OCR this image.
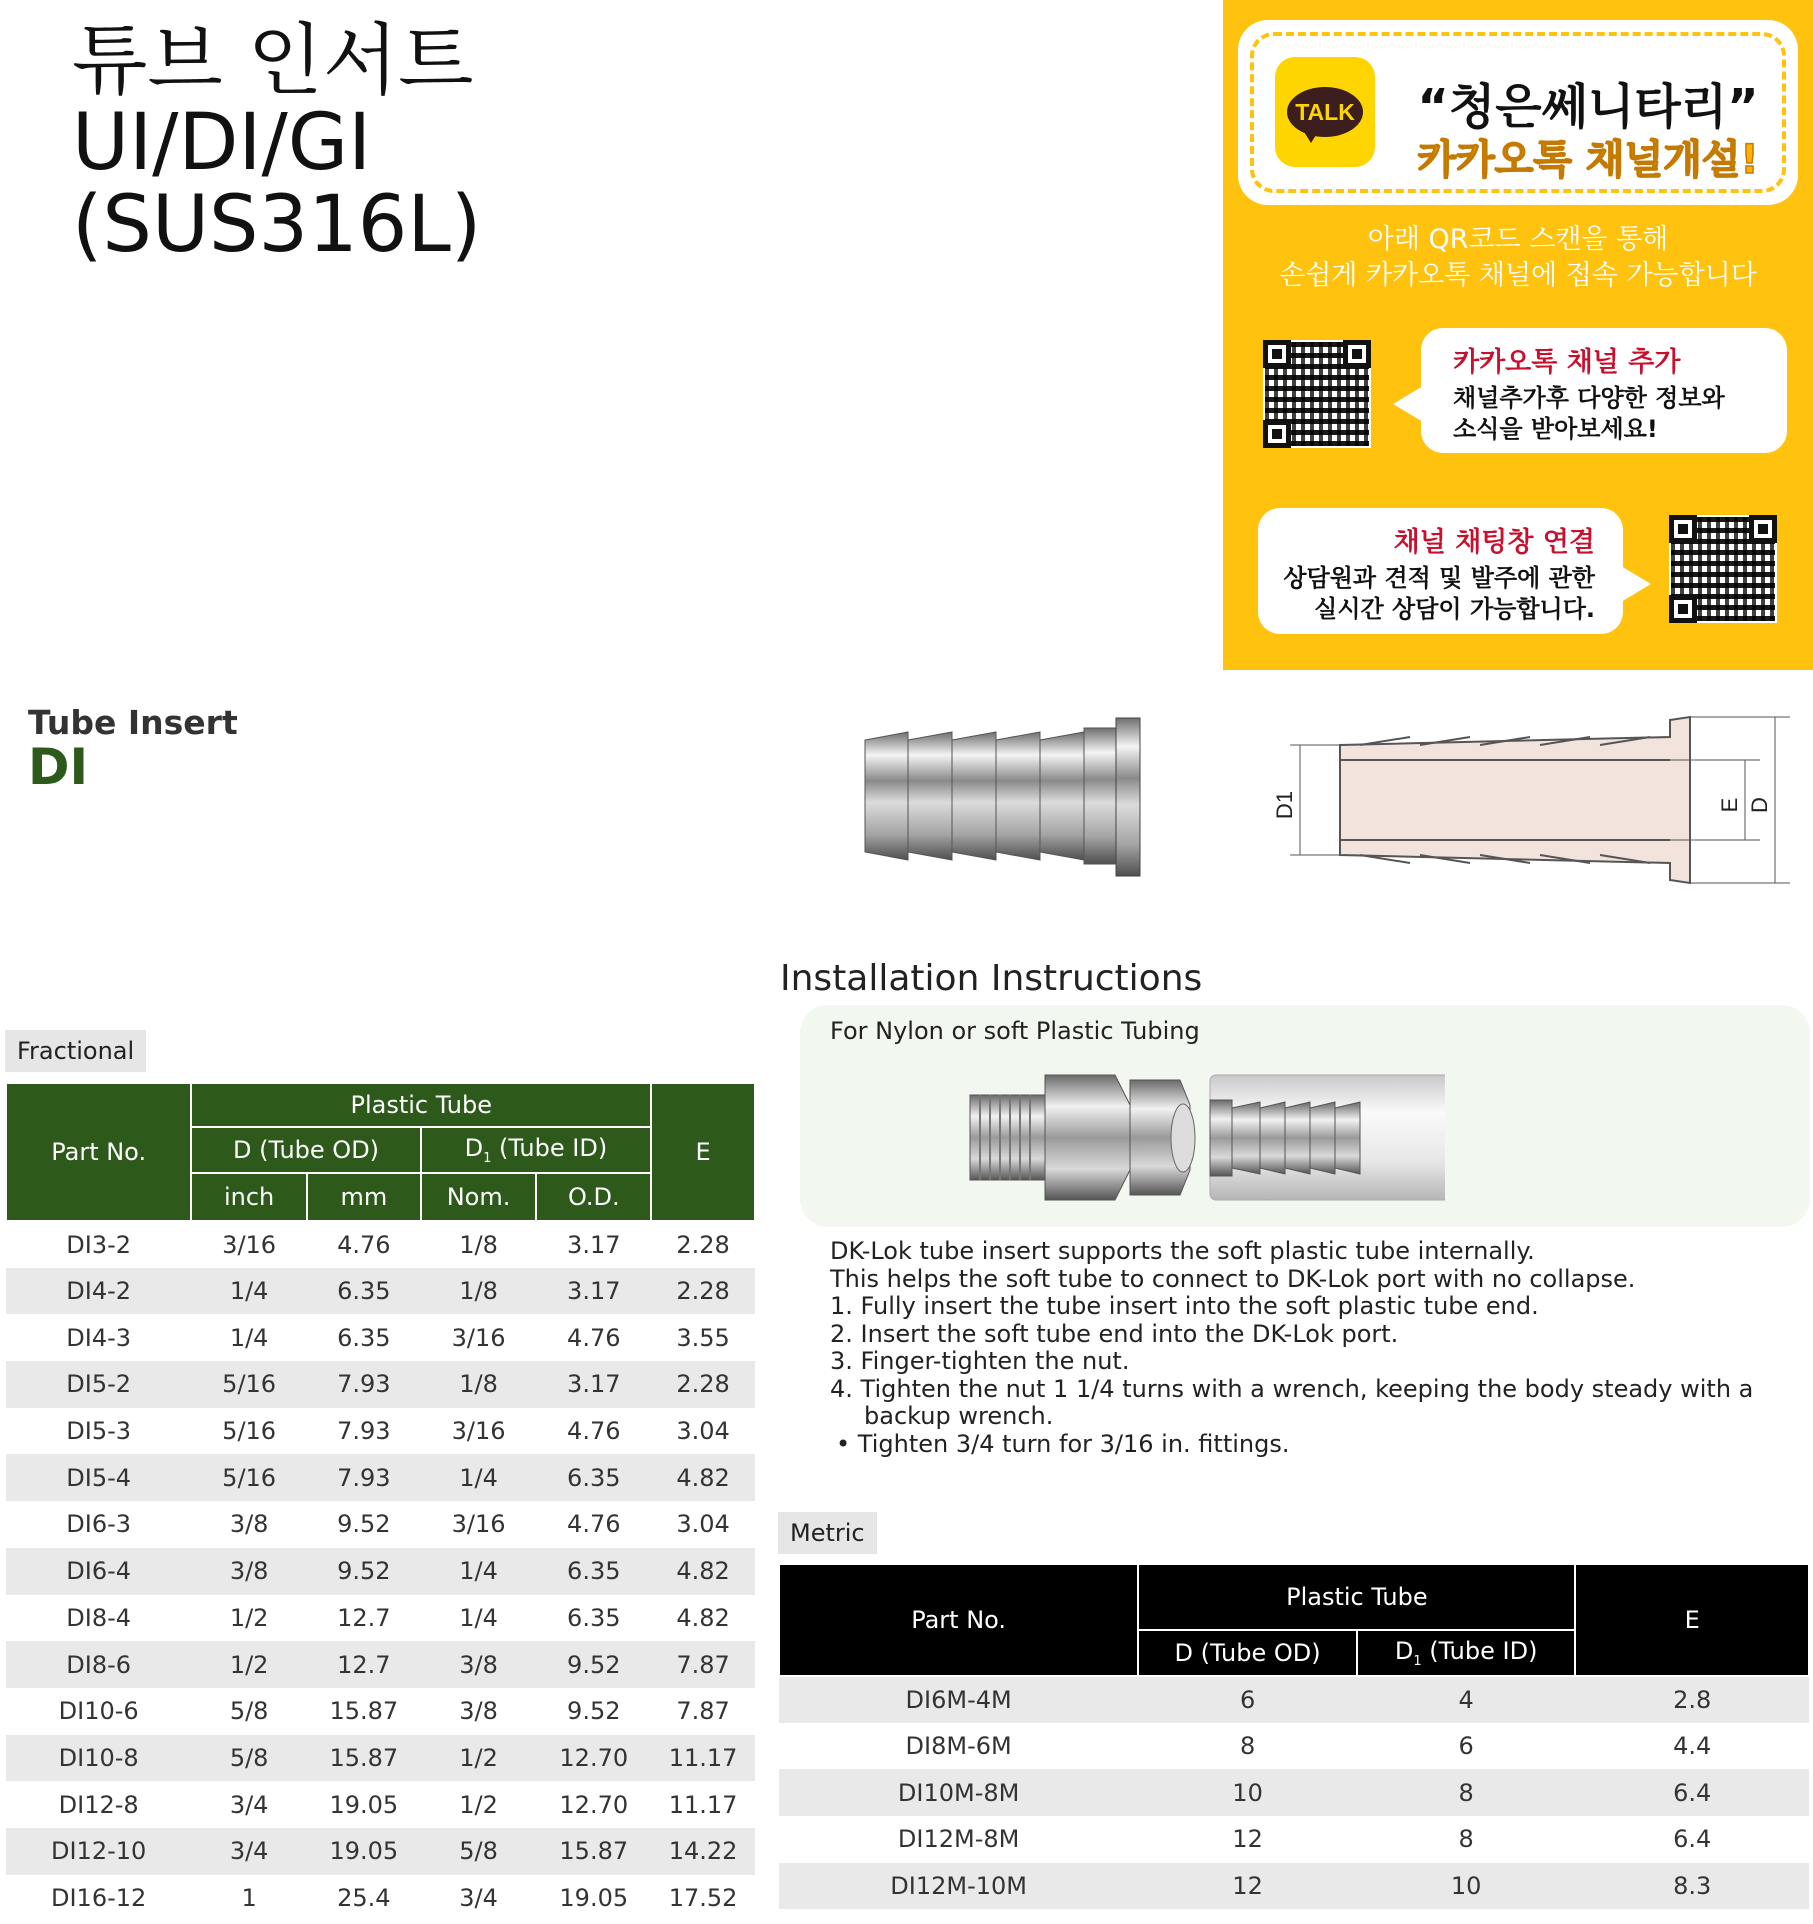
튜브 인서트
UI/DI/GI
(SUS316L)
TALK	“청은쎄니타리”
카카오톡 채널개설!
아래 QR코드 스캔을 통해
손쉽게 카카오톡 채널에 접속 가능합니다
카카오톡 채널 추가
채널추가후 다양한 정보와
소식을 받아보세요!
채널 채팅창 연결
상담원과 견적 및 발주에 관한
실시간 상담이 가능합니다.
Tube Insert
DI
D1	E D
Installation Instructions
For Nylon or soft Plastic Tubing
DK-Lok tube insert supports the soft plastic tube internally.
This helps the soft tube to connect to DK-Lok port with no collapse.
1. Fully insert the tube insert into the soft plastic tube end.
2. Insert the soft tube end into the DK-Lok port.
3. Finger-tighten the nut.
4. Tighten the nut 1 1/4 turns with a wrench, keeping the body steady with a
backup wrench.
• Tighten 3/4 turn for 3/16 in. fittings.
Fractional
Part No.	Plastic Tube				E
	D (Tube OD)		$D_1$ (Tube ID)		
	inch	mm	Nom.	O.D.	
DI3-2	3/16	4.76	1/8	3.17	2.28
DI4-2	1/4	6.35	1/8	3.17	2.28
DI4-3	1/4	6.35	3/16	4.76	3.55
DI5-2	5/16	7.93	1/8	3.17	2.28
DI5-3	5/16	7.93	3/16	4.76	3.04
DI5-4	5/16	7.93	1/4	6.35	4.82
DI6-3	3/8	9.52	3/16	4.76	3.04
DI6-4	3/8	9.52	1/4	6.35	4.82
DI8-4	1/2	12.7	1/4	6.35	4.82
DI8-6	1/2	12.7	3/8	9.52	7.87
DI10-6	5/8	15.87	3/8	9.52	7.87
DI10-8	5/8	15.87	1/2	12.70	11.17
DI12-8	3/4	19.05	1/2	12.70	11.17
DI12-10	3/4	19.05	5/8	15.87	14.22
DI16-12	1	25.4	3/4	19.05	17.52
Metric
Part No.	Plastic Tube		E
	D (Tube OD)	$D_1$ (Tube ID)	
DI6M-4M	6	4	2.8
DI8M-6M	8	6	4.4
DI10M-8M	10	8	6.4
DI12M-8M	12	8	6.4
DI12M-10M	12	10	8.3
